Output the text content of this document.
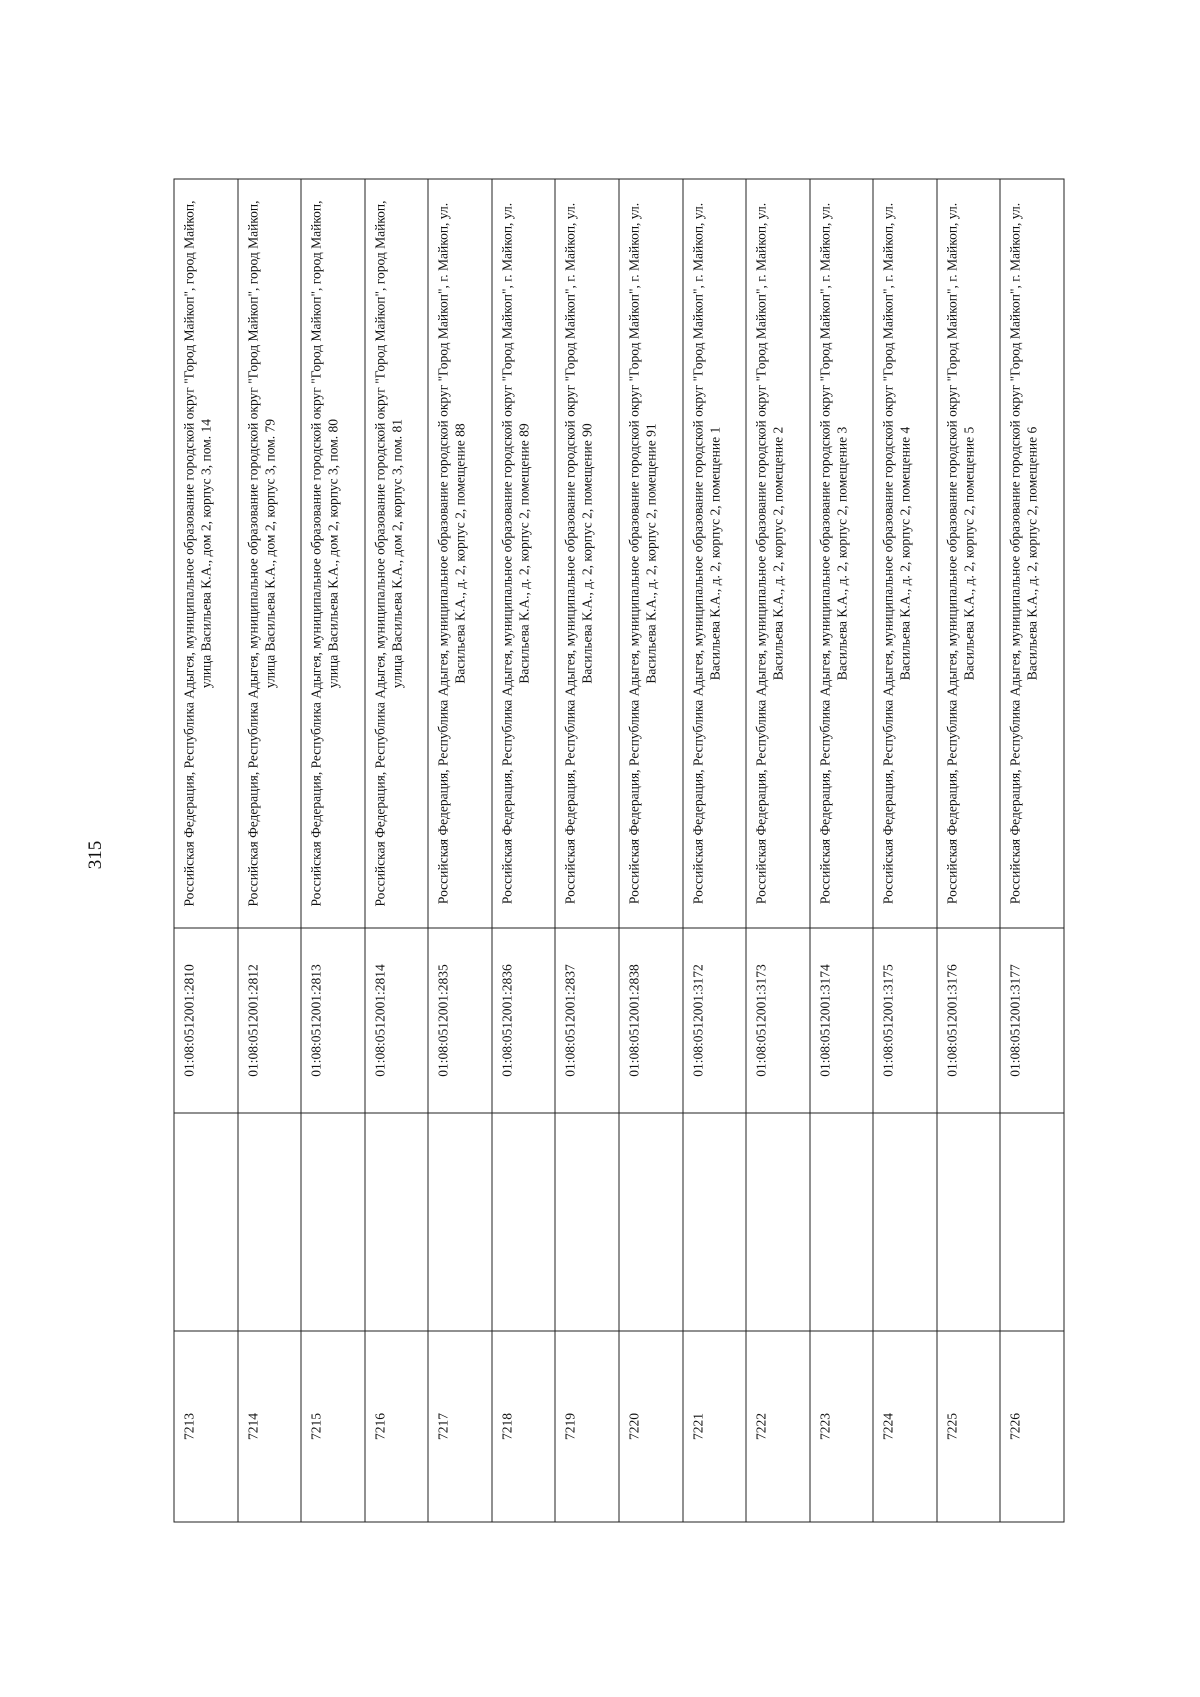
315
7213		01:08:0512001:2810	Российская Федерация, Республика Адыгея, муниципальное образование городской округ "Город Майкоп", город Майкоп, улица Васильева К.А., дом 2, корпус 3, пом. 14
7214		01:08:0512001:2812	Российская Федерация, Республика Адыгея, муниципальное образование городской округ "Город Майкоп", город Майкоп, улица Васильева К.А., дом 2, корпус 3, пом. 79
7215		01:08:0512001:2813	Российская Федерация, Республика Адыгея, муниципальное образование городской округ "Город Майкоп", город Майкоп, улица Васильева К.А., дом 2, корпус 3, пом. 80
7216		01:08:0512001:2814	Российская Федерация, Республика Адыгея, муниципальное образование городской округ "Город Майкоп", город Майкоп, улица Васильева К.А., дом 2, корпус 3, пом. 81
7217		01:08:0512001:2835	Российская Федерация, Республика Адыгея, муниципальное образование городской округ "Город Майкоп", г. Майкоп, ул. Васильева К.А., д. 2, корпус 2, помещение 88
7218		01:08:0512001:2836	Российская Федерация, Республика Адыгея, муниципальное образование городской округ "Город Майкоп", г. Майкоп, ул. Васильева К.А., д. 2, корпус 2, помещение 89
7219		01:08:0512001:2837	Российская Федерация, Республика Адыгея, муниципальное образование городской округ "Город Майкоп", г. Майкоп, ул. Васильева К.А., д. 2, корпус 2, помещение 90
7220		01:08:0512001:2838	Российская Федерация, Республика Адыгея, муниципальное образование городской округ "Город Майкоп", г. Майкоп, ул. Васильева К.А., д. 2, корпус 2, помещение 91
7221		01:08:0512001:3172	Российская Федерация, Республика Адыгея, муниципальное образование городской округ "Город Майкоп", г. Майкоп, ул. Васильева К.А., д. 2, корпус 2, помещение 1
7222		01:08:0512001:3173	Российская Федерация, Республика Адыгея, муниципальное образование городской округ "Город Майкоп", г. Майкоп, ул. Васильева К.А., д. 2, корпус 2, помещение 2
7223		01:08:0512001:3174	Российская Федерация, Республика Адыгея, муниципальное образование городской округ "Город Майкоп", г. Майкоп, ул. Васильева К.А., д. 2, корпус 2, помещение 3
7224		01:08:0512001:3175	Российская Федерация, Республика Адыгея, муниципальное образование городской округ "Город Майкоп", г. Майкоп, ул. Васильева К.А., д. 2, корпус 2, помещение 4
7225		01:08:0512001:3176	Российская Федерация, Республика Адыгея, муниципальное образование городской округ "Город Майкоп", г. Майкоп, ул. Васильева К.А., д. 2, корпус 2, помещение 5
7226		01:08:0512001:3177	Российская Федерация, Республика Адыгея, муниципальное образование городской округ "Город Майкоп", г. Майкоп, ул. Васильева К.А., д. 2, корпус 2, помещение 6
